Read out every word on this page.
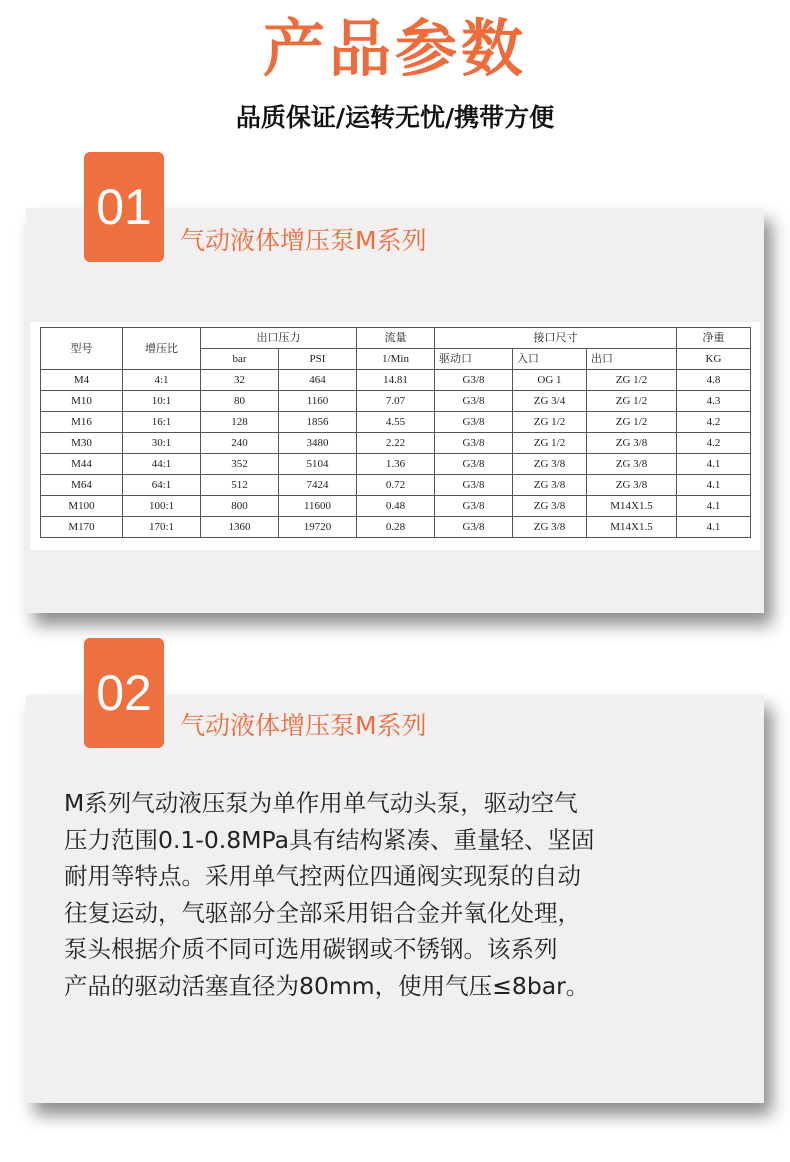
产品参数
品质保证/运转无忧/携带方便
01
气动液体增压泵M系列
型号	增压比	出口压力		流量	接口尺寸			净重
		bar	PSI	1/Min	驱动口	入口	出口	KG
M4	4:1	32	464	14.81	G3/8	OG 1	ZG 1/2	4.8
M10	10:1	80	1160	7.07	G3/8	ZG 3/4	ZG 1/2	4.3
M16	16:1	128	1856	4.55	G3/8	ZG 1/2	ZG 1/2	4.2
M30	30:1	240	3480	2.22	G3/8	ZG 1/2	ZG 3/8	4.2
M44	44:1	352	5104	1.36	G3/8	ZG 3/8	ZG 3/8	4.1
M64	64:1	512	7424	0.72	G3/8	ZG 3/8	ZG 3/8	4.1
M100	100:1	800	11600	0.48	G3/8	ZG 3/8	M14X1.5	4.1
M170	170:1	1360	19720	0.28	G3/8	ZG 3/8	M14X1.5	4.1
02
气动液体增压泵M系列
M系列气动液压泵为单作用单气动头泵，驱动空气
压力范围0.1-0.8MPa具有结构紧凑、重量轻、坚固
耐用等特点。采用单气控两位四通阀实现泵的自动
往复运动，气驱部分全部采用铝合金并氧化处理，
泵头根据介质不同可选用碳钢或不锈钢。该系列
产品的驱动活塞直径为80mm，使用气压≤8bar。
